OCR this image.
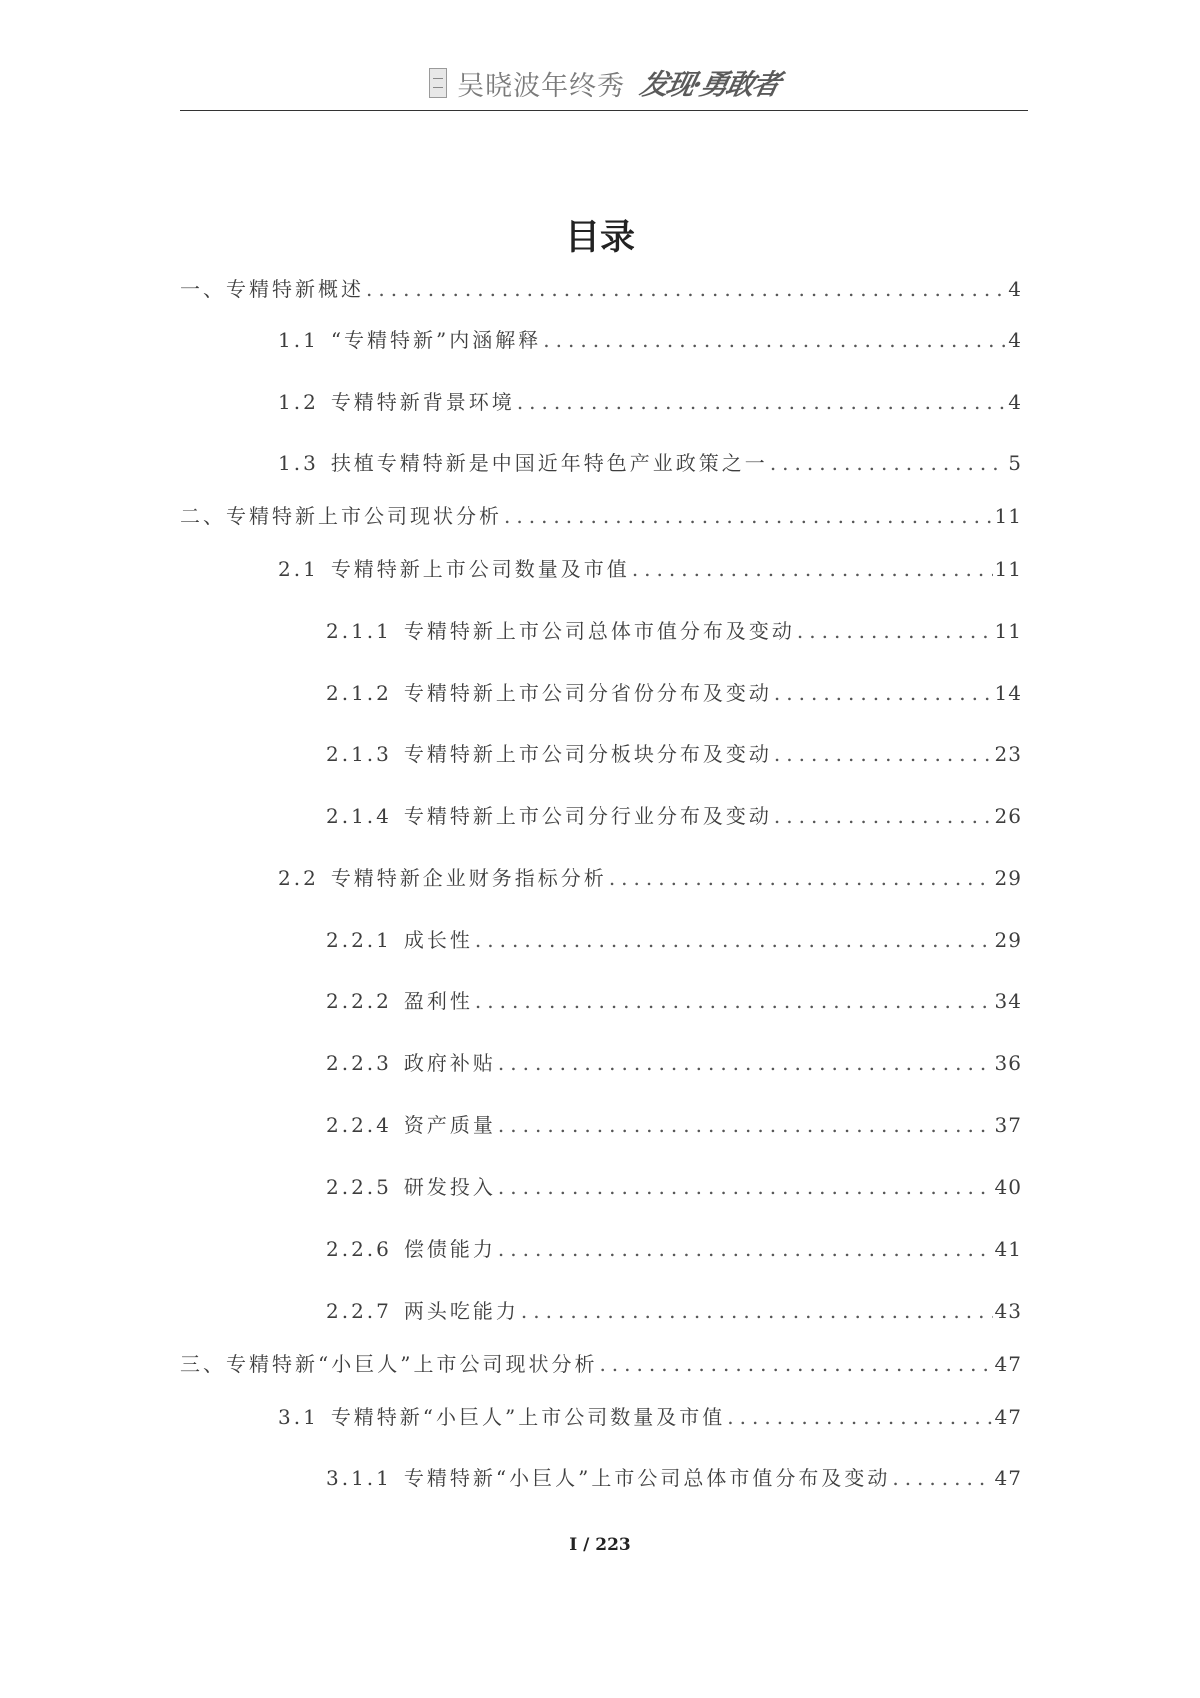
吴晓波年终秀 发现·勇敢者
目录
一、 专精特新概述 .....	4
1.1 “专精特新”内涵解释 .....	4
1.2 专精特新背景环境 .....	4
1.3 扶植专精特新是中国近年特色产业政策之一 .....	5
二、 专精特新上市公司现状分析 .....	11
2.1 专精特新上市公司数量及市值 .....	11
2.1.1 专精特新上市公司总体市值分布及变动 .....	11
2.1.2 专精特新上市公司分省份分布及变动 .....	14
2.1.3 专精特新上市公司分板块分布及变动 .....	23
2.1.4 专精特新上市公司分行业分布及变动 .....	26
2.2 专精特新企业财务指标分析 .....	29
2.2.1 成长性 .....	29
2.2.2 盈利性 .....	34
2.2.3 政府补贴 .....	36
2.2.4 资产质量 .....	37
2.2.5 研发投入 .....	40
2.2.6 偿债能力 .....	41
2.2.7 两头吃能力 .....	43
三、 专精特新“小巨人”上市公司现状分析 .....	47
3.1 专精特新“小巨人”上市公司数量及市值 .....	47
3.1.1 专精特新“小巨人”上市公司总体市值分布及变动 .....	47
I / 223
